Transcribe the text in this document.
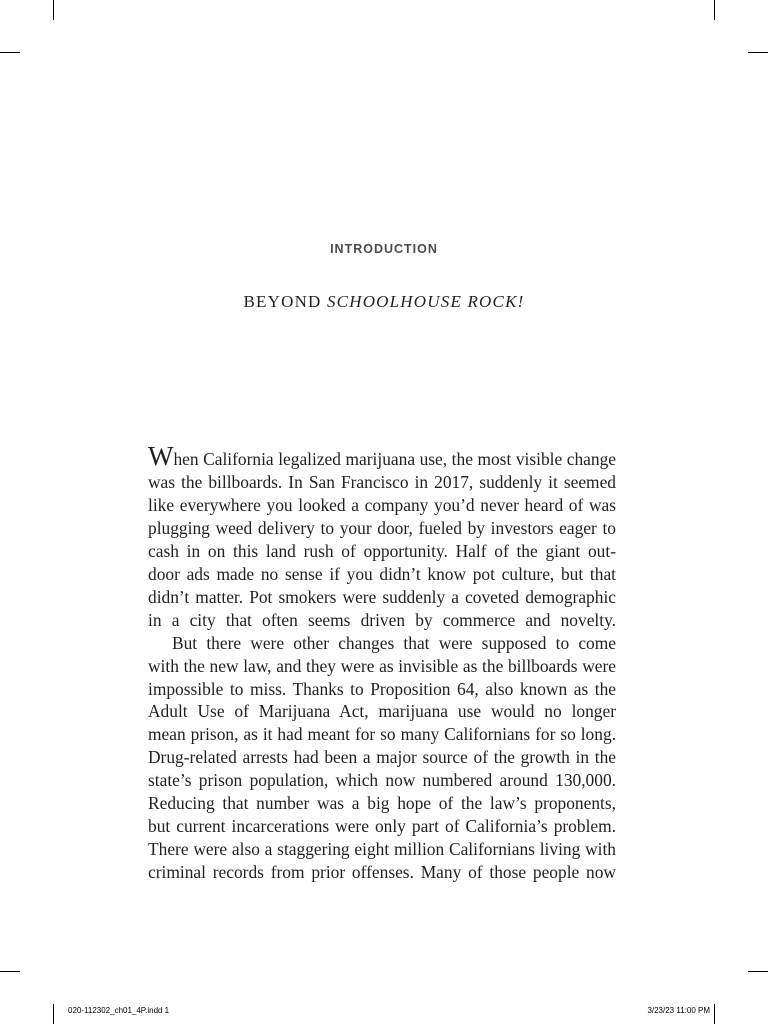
INTRODUCTION
BEYOND SCHOOLHOUSE ROCK!

When California legalized marijuana use, the most visible change

was the billboards. In San Francisco in 2017, suddenly it seemed

like everywhere you looked a company you’d never heard of was

plugging weed delivery to your door, fueled by investors eager to

cash in on this land rush of opportunity. Half of the giant out-

door ads made no sense if you didn’t know pot culture, but that

didn’t matter. Pot smokers were suddenly a coveted demographic

in a city that often seems driven by commerce and novelty.

But there were other changes that were supposed to come

with the new law, and they were as invisible as the billboards were

impossible to miss. Thanks to Proposition 64, also known as the

Adult Use of Marijuana Act, marijuana use would no longer

mean prison, as it had meant for so many Californians for so long.

Drug-related arrests had been a major source of the growth in the

state’s prison population, which now numbered around 130,000.

Reducing that number was a big hope of the law’s proponents,

but current incarcerations were only part of California’s problem.

There were also a staggering eight million Californians living with

criminal records from prior offenses. Many of those people now

020-112302_ch01_4P.indd 1	3/23/23 11:00 PM
